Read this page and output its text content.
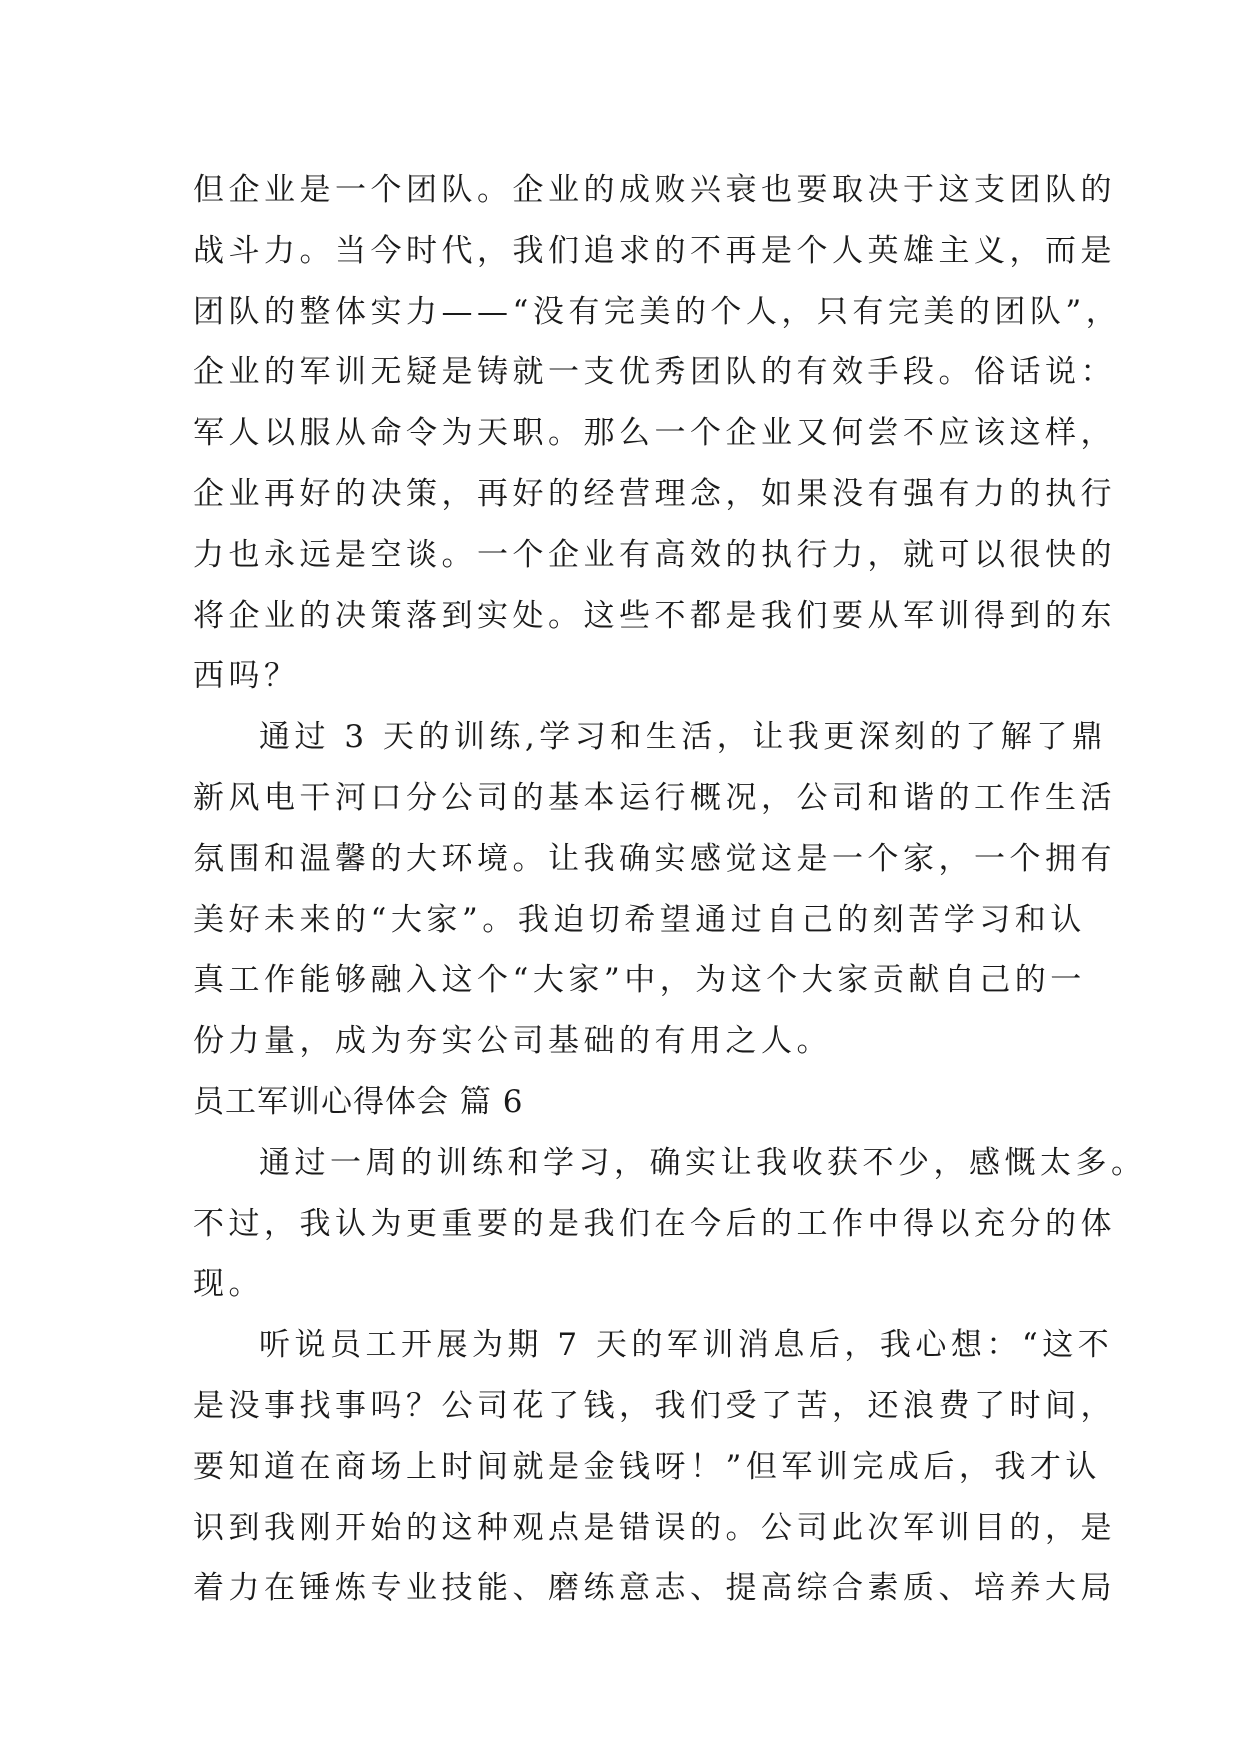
但企业是一个团队。企业的成败兴衰也要取决于这支团队的
战斗力。当今时代，我们追求的不再是个人英雄主义，而是
团队的整体实力——“没有完美的个人，只有完美的团队”，
企业的军训无疑是铸就一支优秀团队的有效手段。俗话说：
军人以服从命令为天职。那么一个企业又何尝不应该这样，
企业再好的决策，再好的经营理念，如果没有强有力的执行
力也永远是空谈。一个企业有高效的执行力，就可以很快的
将企业的决策落到实处。这些不都是我们要从军训得到的东
西吗？
通过 3 天的训练,学习和生活，让我更深刻的了解了鼎
新风电干河口分公司的基本运行概况，公司和谐的工作生活
氛围和温馨的大环境。让我确实感觉这是一个家，一个拥有
美好未来的“大家”。我迫切希望通过自己的刻苦学习和认
真工作能够融入这个“大家”中，为这个大家贡献自己的一
份力量，成为夯实公司基础的有用之人。
员工军训心得体会 篇 6
通过一周的训练和学习，确实让我收获不少，感慨太多。
不过，我认为更重要的是我们在今后的工作中得以充分的体
现。
听说员工开展为期 7 天的军训消息后，我心想：“这不
是没事找事吗？公司花了钱，我们受了苦，还浪费了时间，
要知道在商场上时间就是金钱呀！”但军训完成后，我才认
识到我刚开始的这种观点是错误的。公司此次军训目的，是
着力在锤炼专业技能、磨练意志、提高综合素质、培养大局
